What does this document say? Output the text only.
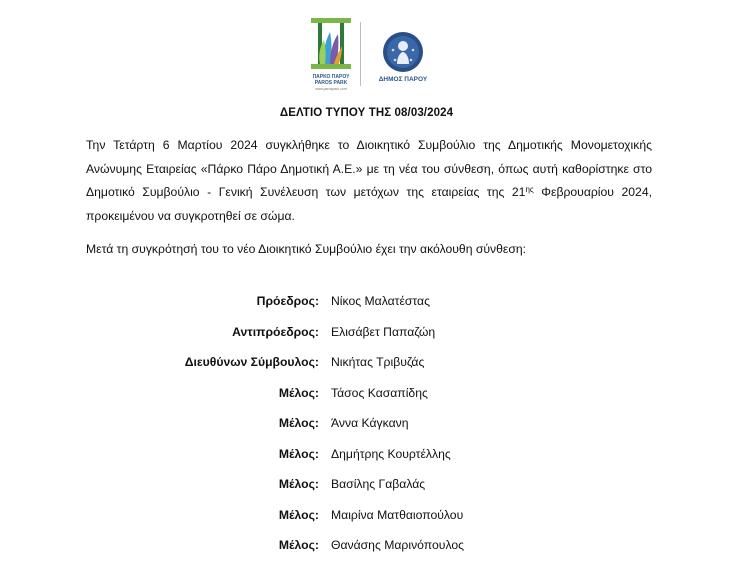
ΠΑΡΚΟ ΠΑΡΟΥ
PAROS PARK
www.parospark.com
ΔΗΜΟΣ ΠΑΡΟΥ
ΔΕΛΤΙΟ ΤΥΠΟΥ ΤΗΣ 08/03/2024

Την Τετάρτη 6 Μαρτίου 2024 συγκλήθηκε το Διοικητικό Συμβούλιο της Δημοτικής Μονομετοχικής Ανώνυμης Εταιρείας «Πάρκο Πάρο Δημοτική Α.Ε.» με τη νέα του σύνθεση, όπως αυτή καθορίστηκε στο Δημοτικό Συμβούλιο - Γενική Συνέλευση των μετόχων της εταιρείας της $21^{\eta\varsigma}$ Φεβρουαρίου 2024, προκειμένου να συγκροτηθεί σε σώμα.

Μετά τη συγκρότησή του το νέο Διοικητικό Συμβούλιο έχει την ακόλουθη σύνθεση:

Πρόεδρος: Νίκος Μαλατέστας
Αντιπρόεδρος: Ελισάβετ Παπαζώη
Διευθύνων Σύμβουλος: Νικήτας Τριβυζάς
Μέλος: Τάσος Κασαπίδης
Μέλος: Άννα Κάγκανη
Μέλος: Δημήτρης Κουρτέλλης
Μέλος: Βασίλης Γαβαλάς
Μέλος: Μαιρίνα Ματθαιοπούλου
Μέλος: Θανάσης Μαρινόπουλος
